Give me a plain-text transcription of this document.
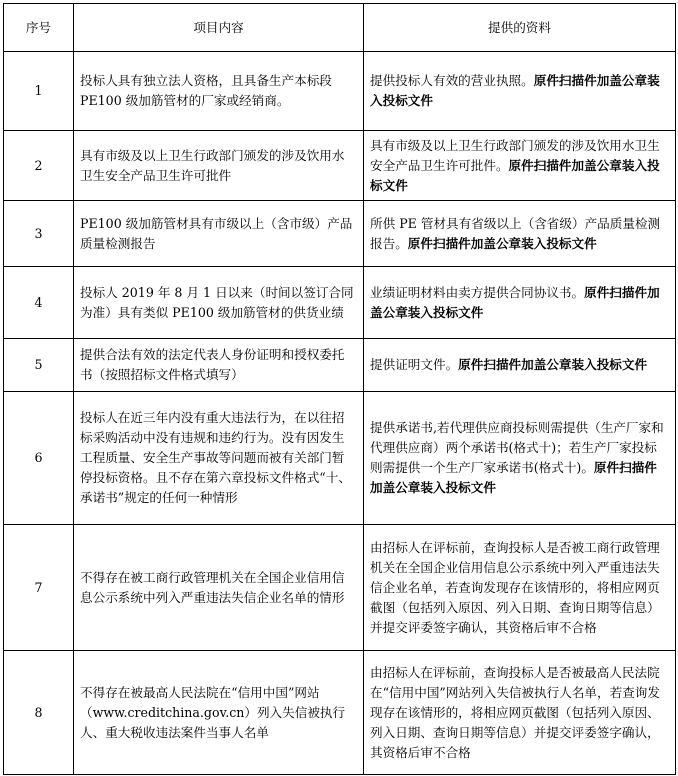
序号	项目内容	提供的资料
1	投标人具有独立法人资格，且具备生产本标段 PE100 级加筋管材的厂家或经销商。	提供投标人有效的营业执照。原件扫描件加盖公章装入投标文件
2	具有市级及以上卫生行政部门颁发的涉及饮用水卫生安全产品卫生许可批件	具有市级及以上卫生行政部门颁发的涉及饮用水卫生安全产品卫生许可批件。原件扫描件加盖公章装入投标文件
3	PE100 级加筋管材具有市级以上（含市级）产品质量检测报告	所供 PE 管材具有省级以上（含省级）产品质量检测报告。原件扫描件加盖公章装入投标文件
4	投标人 2019 年 8 月 1 日以来（时间以签订合同为准）具有类似 PE100 级加筋管材的供货业绩	业绩证明材料由卖方提供合同协议书。原件扫描件加盖公章装入投标文件
5	提供合法有效的法定代表人身份证明和授权委托书（按照招标文件格式填写）	提供证明文件。原件扫描件加盖公章装入投标文件
6	投标人在近三年内没有重大违法行为，在以往招标采购活动中没有违规和违约行为。没有因发生工程质量、安全生产事故等问题而被有关部门暂停投标资格。且不存在第六章投标文件格式“十、承诺书”规定的任何一种情形	提供承诺书,若代理供应商投标则需提供（生产厂家和代理供应商）两个承诺书(格式十)；若生产厂家投标则需提供一个生产厂家承诺书(格式十)。原件扫描件加盖公章装入投标文件
7	不得存在被工商行政管理机关在全国企业信用信息公示系统中列入严重违法失信企业名单的情形	由招标人在评标前，查询投标人是否被工商行政管理机关在全国企业信用信息公示系统中列入严重违法失信企业名单，若查询发现存在该情形的，将相应网页截图（包括列入原因、列入日期、查询日期等信息）并提交评委签字确认，其资格后审不合格
8	不得存在被最高人民法院在“信用中国”网站（www.creditchina.gov.cn）列入失信被执行人、重大税收违法案件当事人名单	由招标人在评标前，查询投标人是否被最高人民法院在“信用中国”网站列入失信被执行人名单，若查询发现存在该情形的，将相应网页截图（包括列入原因、列入日期、查询日期等信息）并提交评委签字确认，其资格后审不合格
